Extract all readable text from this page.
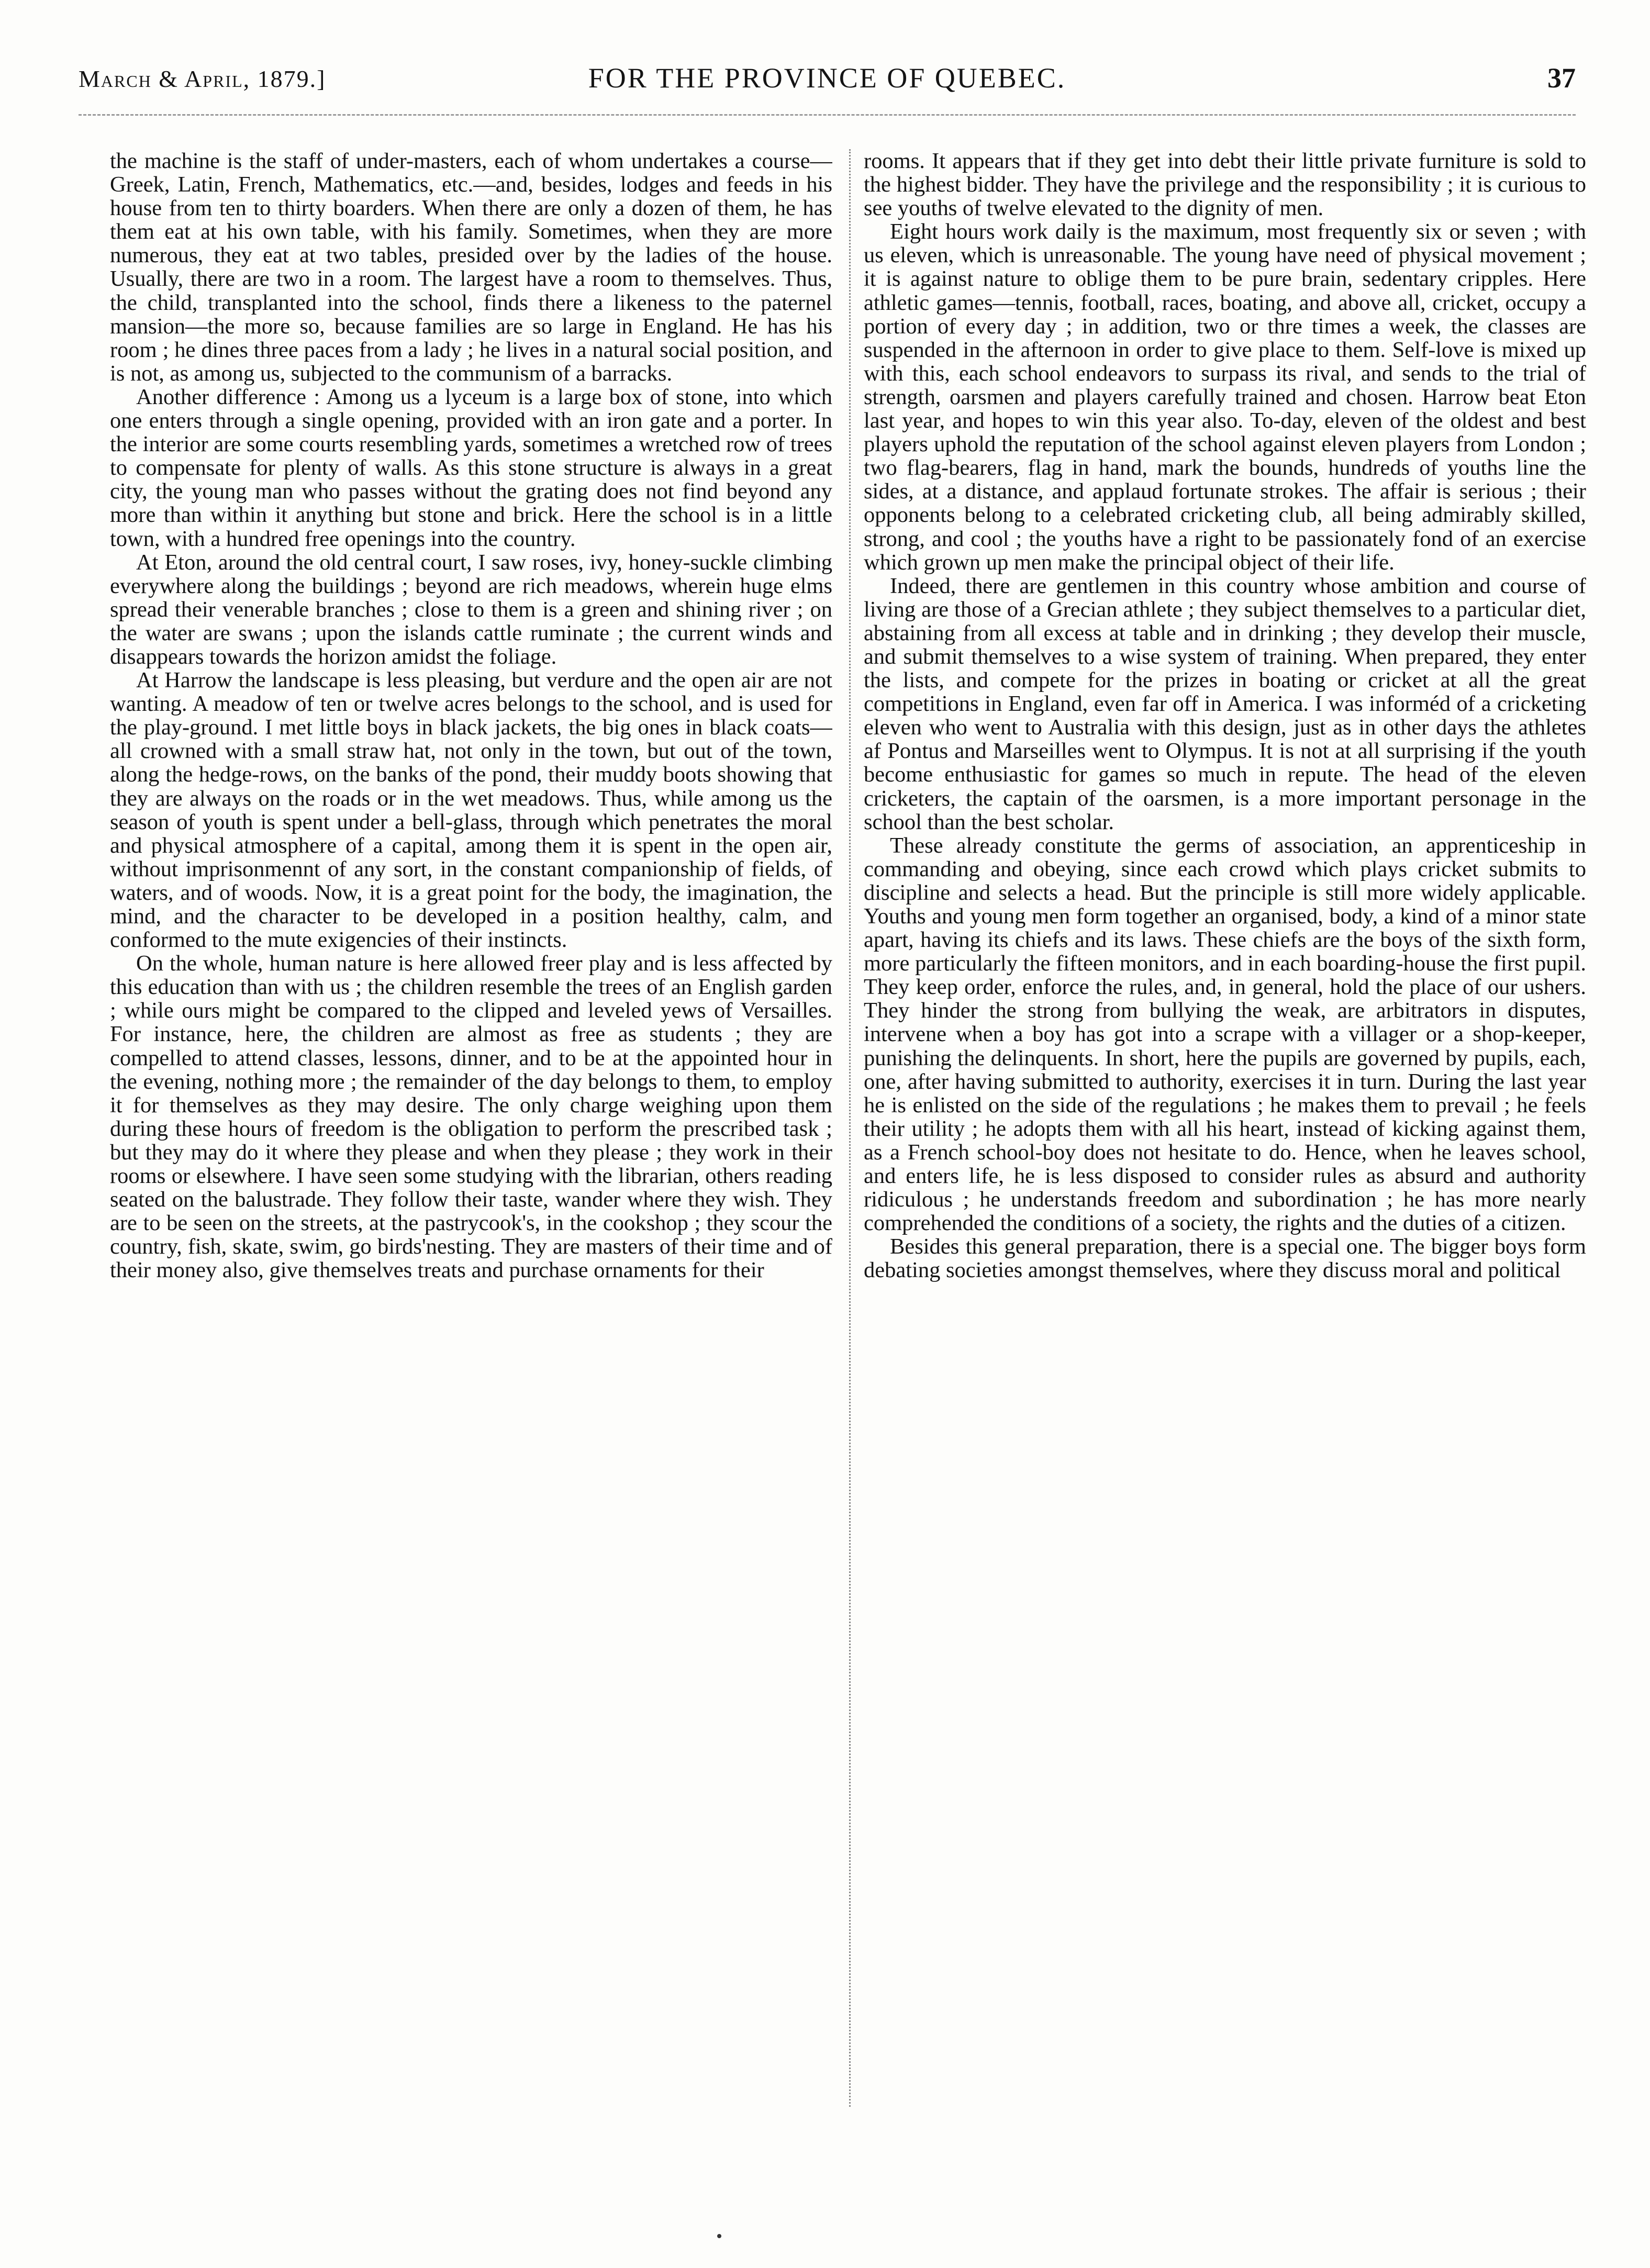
March & April, 1879.]	FOR THE PROVINCE OF QUEBEC.	37

the machine is the staff of under-masters, each of whom undertakes a course—Greek, Latin, French, Mathematics, etc.—and, besides, lodges and feeds in his house from ten to thirty boarders. When there are only a dozen of them, he has them eat at his own table, with his family. Sometimes, when they are more numerous, they eat at two tables, presided over by the ladies of the house. Usually, there are two in a room. The largest have a room to themselves. Thus, the child, transplanted into the school, finds there a likeness to the paternel mansion—the more so, because families are so large in England. He has his room ; he dines three paces from a lady ; he lives in a natural social position, and is not, as among us, subjected to the communism of a barracks.

Another difference : Among us a lyceum is a large box of stone, into which one enters through a single opening, provided with an iron gate and a porter. In the interior are some courts resembling yards, sometimes a wretched row of trees to compensate for plenty of walls. As this stone structure is always in a great city, the young man who passes without the grating does not find beyond any more than within it anything but stone and brick. Here the school is in a little town, with a hundred free openings into the country.

At Eton, around the old central court, I saw roses, ivy, honey-suckle climbing everywhere along the buildings ; beyond are rich meadows, wherein huge elms spread their venerable branches ; close to them is a green and shining river ; on the water are swans ; upon the islands cattle ruminate ; the current winds and disappears towards the horizon amidst the foliage.

At Harrow the landscape is less pleasing, but verdure and the open air are not wanting. A meadow of ten or twelve acres belongs to the school, and is used for the play-ground. I met little boys in black jackets, the big ones in black coats—all crowned with a small straw hat, not only in the town, but out of the town, along the hedge-rows, on the banks of the pond, their muddy boots showing that they are always on the roads or in the wet meadows. Thus, while among us the season of youth is spent under a bell-glass, through which penetrates the moral and physical atmosphere of a capital, among them it is spent in the open air, without imprisonmennt of any sort, in the constant companionship of fields, of waters, and of woods. Now, it is a great point for the body, the imagination, the mind, and the character to be developed in a position healthy, calm, and conformed to the mute exigencies of their instincts.

On the whole, human nature is here allowed freer play and is less affected by this education than with us ; the children resemble the trees of an English garden ; while ours might be compared to the clipped and leveled yews of Versailles. For instance, here, the children are almost as free as students ; they are compelled to attend classes, lessons, dinner, and to be at the appointed hour in the evening, nothing more ; the remainder of the day belongs to them, to employ it for themselves as they may desire. The only charge weighing upon them during these hours of freedom is the obligation to perform the prescribed task ; but they may do it where they please and when they please ; they work in their rooms or elsewhere. I have seen some studying with the librarian, others reading seated on the balustrade. They follow their taste, wander where they wish. They are to be seen on the streets, at the pastrycook's, in the cookshop ; they scour the country, fish, skate, swim, go birds'nesting. They are masters of their time and of their money also, give themselves treats and purchase ornaments for their

rooms. It appears that if they get into debt their little private furniture is sold to the highest bidder. They have the privilege and the responsibility ; it is curious to see youths of twelve elevated to the dignity of men.

Eight hours work daily is the maximum, most frequently six or seven ; with us eleven, which is unreasonable. The young have need of physical movement ; it is against nature to oblige them to be pure brain, sedentary cripples. Here athletic games—tennis, football, races, boating, and above all, cricket, occupy a portion of every day ; in addition, two or thre times a week, the classes are suspended in the afternoon in order to give place to them. Self-love is mixed up with this, each school endeavors to surpass its rival, and sends to the trial of strength, oarsmen and players carefully trained and chosen. Harrow beat Eton last year, and hopes to win this year also. To-day, eleven of the oldest and best players uphold the reputation of the school against eleven players from London ; two flag-bearers, flag in hand, mark the bounds, hundreds of youths line the sides, at a distance, and applaud fortunate strokes. The affair is serious ; their opponents belong to a celebrated cricketing club, all being admirably skilled, strong, and cool ; the youths have a right to be passionately fond of an exercise which grown up men make the principal object of their life.

Indeed, there are gentlemen in this country whose ambition and course of living are those of a Grecian athlete ; they subject themselves to a particular diet, abstaining from all excess at table and in drinking ; they develop their muscle, and submit themselves to a wise system of training. When prepared, they enter the lists, and compete for the prizes in boating or cricket at all the great competitions in England, even far off in America. I was informéd of a cricketing eleven who went to Australia with this design, just as in other days the athletes af Pontus and Marseilles went to Olympus. It is not at all surprising if the youth become enthusiastic for games so much in repute. The head of the eleven cricketers, the captain of the oarsmen, is a more important personage in the school than the best scholar.

These already constitute the germs of association, an apprenticeship in commanding and obeying, since each crowd which plays cricket submits to discipline and selects a head. But the principle is still more widely applicable. Youths and young men form together an organised, body, a kind of a minor state apart, having its chiefs and its laws. These chiefs are the boys of the sixth form, more particularly the fifteen monitors, and in each boarding-house the first pupil. They keep order, enforce the rules, and, in general, hold the place of our ushers. They hinder the strong from bullying the weak, are arbitrators in disputes, intervene when a boy has got into a scrape with a villager or a shop-keeper, punishing the delinquents. In short, here the pupils are governed by pupils, each, one, after having submitted to authority, exercises it in turn. During the last year he is enlisted on the side of the regulations ; he makes them to prevail ; he feels their utility ; he adopts them with all his heart, instead of kicking against them, as a French school-boy does not hesitate to do. Hence, when he leaves school, and enters life, he is less disposed to consider rules as absurd and authority ridiculous ; he understands freedom and subordination ; he has more nearly comprehended the conditions of a society, the rights and the duties of a citizen.

Besides this general preparation, there is a special one. The bigger boys form debating societies amongst themselves, where they discuss moral and political
